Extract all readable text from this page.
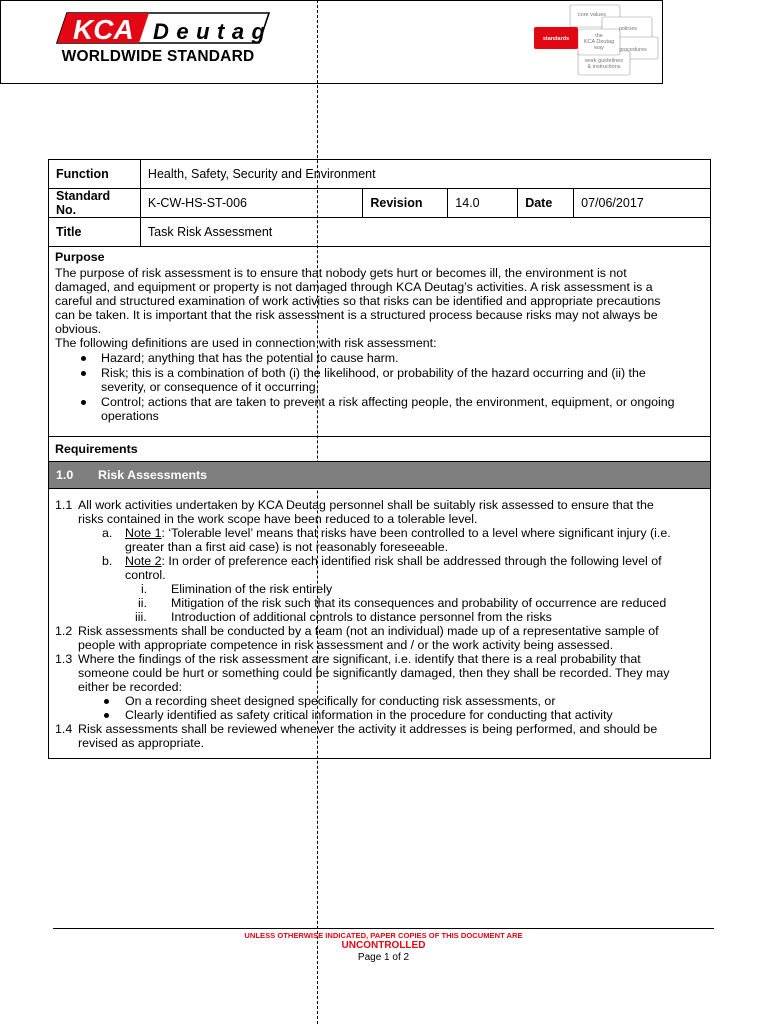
KCA Deutag
WORLDWIDE STANDARD
core values
policies
procedures
the
KCA Deutag
way
work guidelines
& instructions
standards
Function	Health, Safety, Security and Environment				
Standard No.	K-CW-HS-ST-006	Revision	14.0	Date	07/06/2017
Title	Task Risk Assessment				
Purpose
The purpose of risk assessment is to ensure that nobody gets hurt or becomes ill, the environment is not
damaged, and equipment or property is not damaged through KCA Deutag’s activities. A risk assessment is a
careful and structured examination of work activities so that risks can be identified and appropriate precautions
can be taken. It is important that the risk assessment is a structured process because risks may not always be
obvious.
The following definitions are used in connection with risk assessment:
Hazard; anything that has the potential to cause harm.
Risk; this is a combination of both (i) the likelihood, or probability of the hazard occurring and (ii) the
severity, or consequence of it occurring.
Control; actions that are taken to prevent a risk affecting people, the environment, equipment, or ongoing
operations
Requirements
1.0 Risk Assessments
1.1 All work activities undertaken by KCA Deutag personnel shall be suitably risk assessed to ensure that the
risks contained in the work scope have been reduced to a tolerable level.
a. Note 1: ‘Tolerable level’ means that risks have been controlled to a level where significant injury (i.e.
greater than a first aid case) is not reasonably foreseeable.
b. Note 2: In order of preference each identified risk shall be addressed through the following level of
control.
i. Elimination of the risk entirely
ii. Mitigation of the risk such that its consequences and probability of occurrence are reduced
iii. Introduction of additional controls to distance personnel from the risks
1.2 Risk assessments shall be conducted by a team (not an individual) made up of a representative sample of
people with appropriate competence in risk assessment and / or the work activity being assessed.
1.3 Where the findings of the risk assessment are significant, i.e. identify that there is a real probability that
someone could be hurt or something could be significantly damaged, then they shall be recorded. They may
either be recorded:
On a recording sheet designed specifically for conducting risk assessments, or
Clearly identified as safety critical information in the procedure for conducting that activity
1.4 Risk assessments shall be reviewed whenever the activity it addresses is being performed, and should be
revised as appropriate.
UNLESS OTHERWISE INDICATED, PAPER COPIES OF THIS DOCUMENT ARE
UNCONTROLLED
Page 1 of 2
